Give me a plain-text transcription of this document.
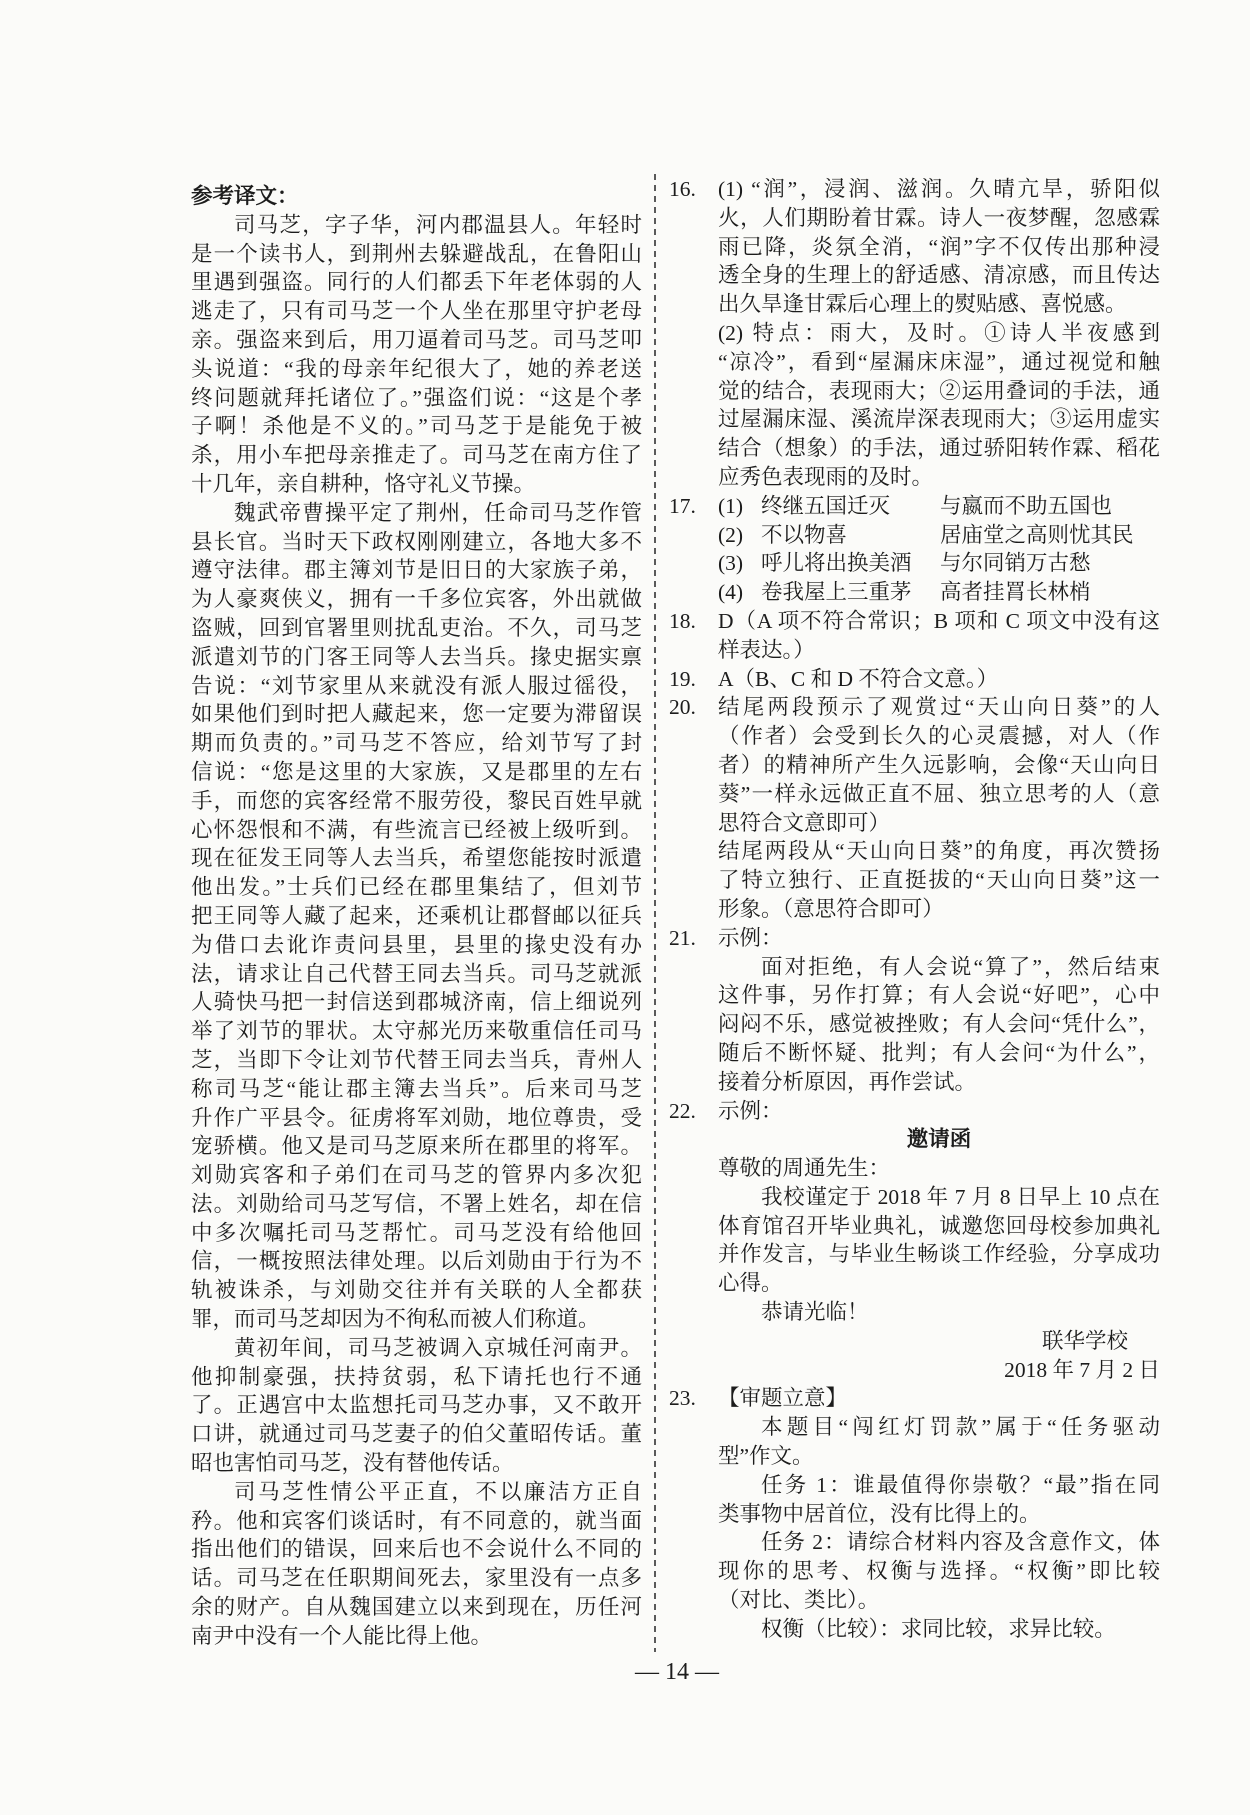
参考译文：
司马芝，字子华，河内郡温县人。年轻时
是一个读书人，到荆州去躲避战乱，在鲁阳山
里遇到强盗。同行的人们都丢下年老体弱的人
逃走了，只有司马芝一个人坐在那里守护老母
亲。强盗来到后，用刀逼着司马芝。司马芝叩
头说道：“我的母亲年纪很大了，她的养老送
终问题就拜托诸位了。”强盗们说：“这是个孝
子啊！杀他是不义的。”司马芝于是能免于被
杀，用小车把母亲推走了。司马芝在南方住了
十几年，亲自耕种，恪守礼义节操。
魏武帝曹操平定了荆州，任命司马芝作管
县长官。当时天下政权刚刚建立，各地大多不
遵守法律。郡主簿刘节是旧日的大家族子弟，
为人豪爽侠义，拥有一千多位宾客，外出就做
盗贼，回到官署里则扰乱吏治。不久，司马芝
派遣刘节的门客王同等人去当兵。掾史据实禀
告说：“刘节家里从来就没有派人服过徭役，
如果他们到时把人藏起来，您一定要为滞留误
期而负责的。”司马芝不答应，给刘节写了封
信说：“您是这里的大家族，又是郡里的左右
手，而您的宾客经常不服劳役，黎民百姓早就
心怀怨恨和不满，有些流言已经被上级听到。
现在征发王同等人去当兵，希望您能按时派遣
他出发。”士兵们已经在郡里集结了，但刘节
把王同等人藏了起来，还乘机让郡督邮以征兵
为借口去讹诈责问县里，县里的掾史没有办
法，请求让自己代替王同去当兵。司马芝就派
人骑快马把一封信送到郡城济南，信上细说列
举了刘节的罪状。太守郝光历来敬重信任司马
芝，当即下令让刘节代替王同去当兵，青州人
称司马芝“能让郡主簿去当兵”。后来司马芝
升作广平县令。征虏将军刘勋，地位尊贵，受
宠骄横。他又是司马芝原来所在郡里的将军。
刘勋宾客和子弟们在司马芝的管界内多次犯
法。刘勋给司马芝写信，不署上姓名，却在信
中多次嘱托司马芝帮忙。司马芝没有给他回
信，一概按照法律处理。以后刘勋由于行为不
轨被诛杀，与刘勋交往并有关联的人全都获
罪，而司马芝却因为不徇私而被人们称道。
黄初年间，司马芝被调入京城任河南尹。
他抑制豪强，扶持贫弱，私下请托也行不通
了。正遇宫中太监想托司马芝办事，又不敢开
口讲，就通过司马芝妻子的伯父董昭传话。董
昭也害怕司马芝，没有替他传话。
司马芝性情公平正直，不以廉洁方正自
矜。他和宾客们谈话时，有不同意的，就当面
指出他们的错误，回来后也不会说什么不同的
话。司马芝在任职期间死去，家里没有一点多
余的财产。自从魏国建立以来到现在，历任河
南尹中没有一个人能比得上他。
16.	(1) “润”，浸润、滋润。久晴亢旱，骄阳似
火，人们期盼着甘霖。诗人一夜梦醒，忽感霖
雨已降，炎氛全消，“润”字不仅传出那种浸
透全身的生理上的舒适感、清凉感，而且传达
出久旱逢甘霖后心理上的熨贴感、喜悦感。
(2) 特点：雨大，及时。①诗人半夜感到
“凉冷”，看到“屋漏床床湿”，通过视觉和触
觉的结合，表现雨大；②运用叠词的手法，通
过屋漏床湿、溪流岸深表现雨大；③运用虚实
结合（想象）的手法，通过骄阳转作霖、稻花
应秀色表现雨的及时。
17.	(1) 终继五国迁灭 与嬴而不助五国也
(2) 不以物喜	居庙堂之高则忧其民
(3) 呼儿将出换美酒 与尔同销万古愁
(4) 卷我屋上三重茅 高者挂罥长林梢
18.	D（A 项不符合常识；B 项和 C 项文中没有这
样表达。）
19.	A（B、C 和 D 不符合文意。）
20.	结尾两段预示了观赏过“天山向日葵”的人
（作者）会受到长久的心灵震撼，对人（作
者）的精神所产生久远影响，会像“天山向日
葵”一样永远做正直不屈、独立思考的人（意
思符合文意即可）
结尾两段从“天山向日葵”的角度，再次赞扬
了特立独行、正直挺拔的“天山向日葵”这一
形象。（意思符合即可）
21.	示例：
面对拒绝，有人会说“算了”，然后结束
这件事，另作打算；有人会说“好吧”，心中
闷闷不乐，感觉被挫败；有人会问“凭什么”，
随后不断怀疑、批判；有人会问“为什么”，
接着分析原因，再作尝试。
22.	示例：
邀请函
尊敬的周通先生：
我校谨定于 2018 年 7 月 8 日早上 10 点在
体育馆召开毕业典礼，诚邀您回母校参加典礼
并作发言，与毕业生畅谈工作经验，分享成功
心得。
恭请光临！
联华学校
2018 年 7 月 2 日
23.	【审题立意】
本题目“闯红灯罚款”属于“任务驱动
型”作文。
任务 1：谁最值得你崇敬？“最”指在同
类事物中居首位，没有比得上的。
任务 2：请综合材料内容及含意作文，体
现你的思考、权衡与选择。“权衡”即比较
（对比、类比）。
权衡（比较）：求同比较，求异比较。
— 14 —
